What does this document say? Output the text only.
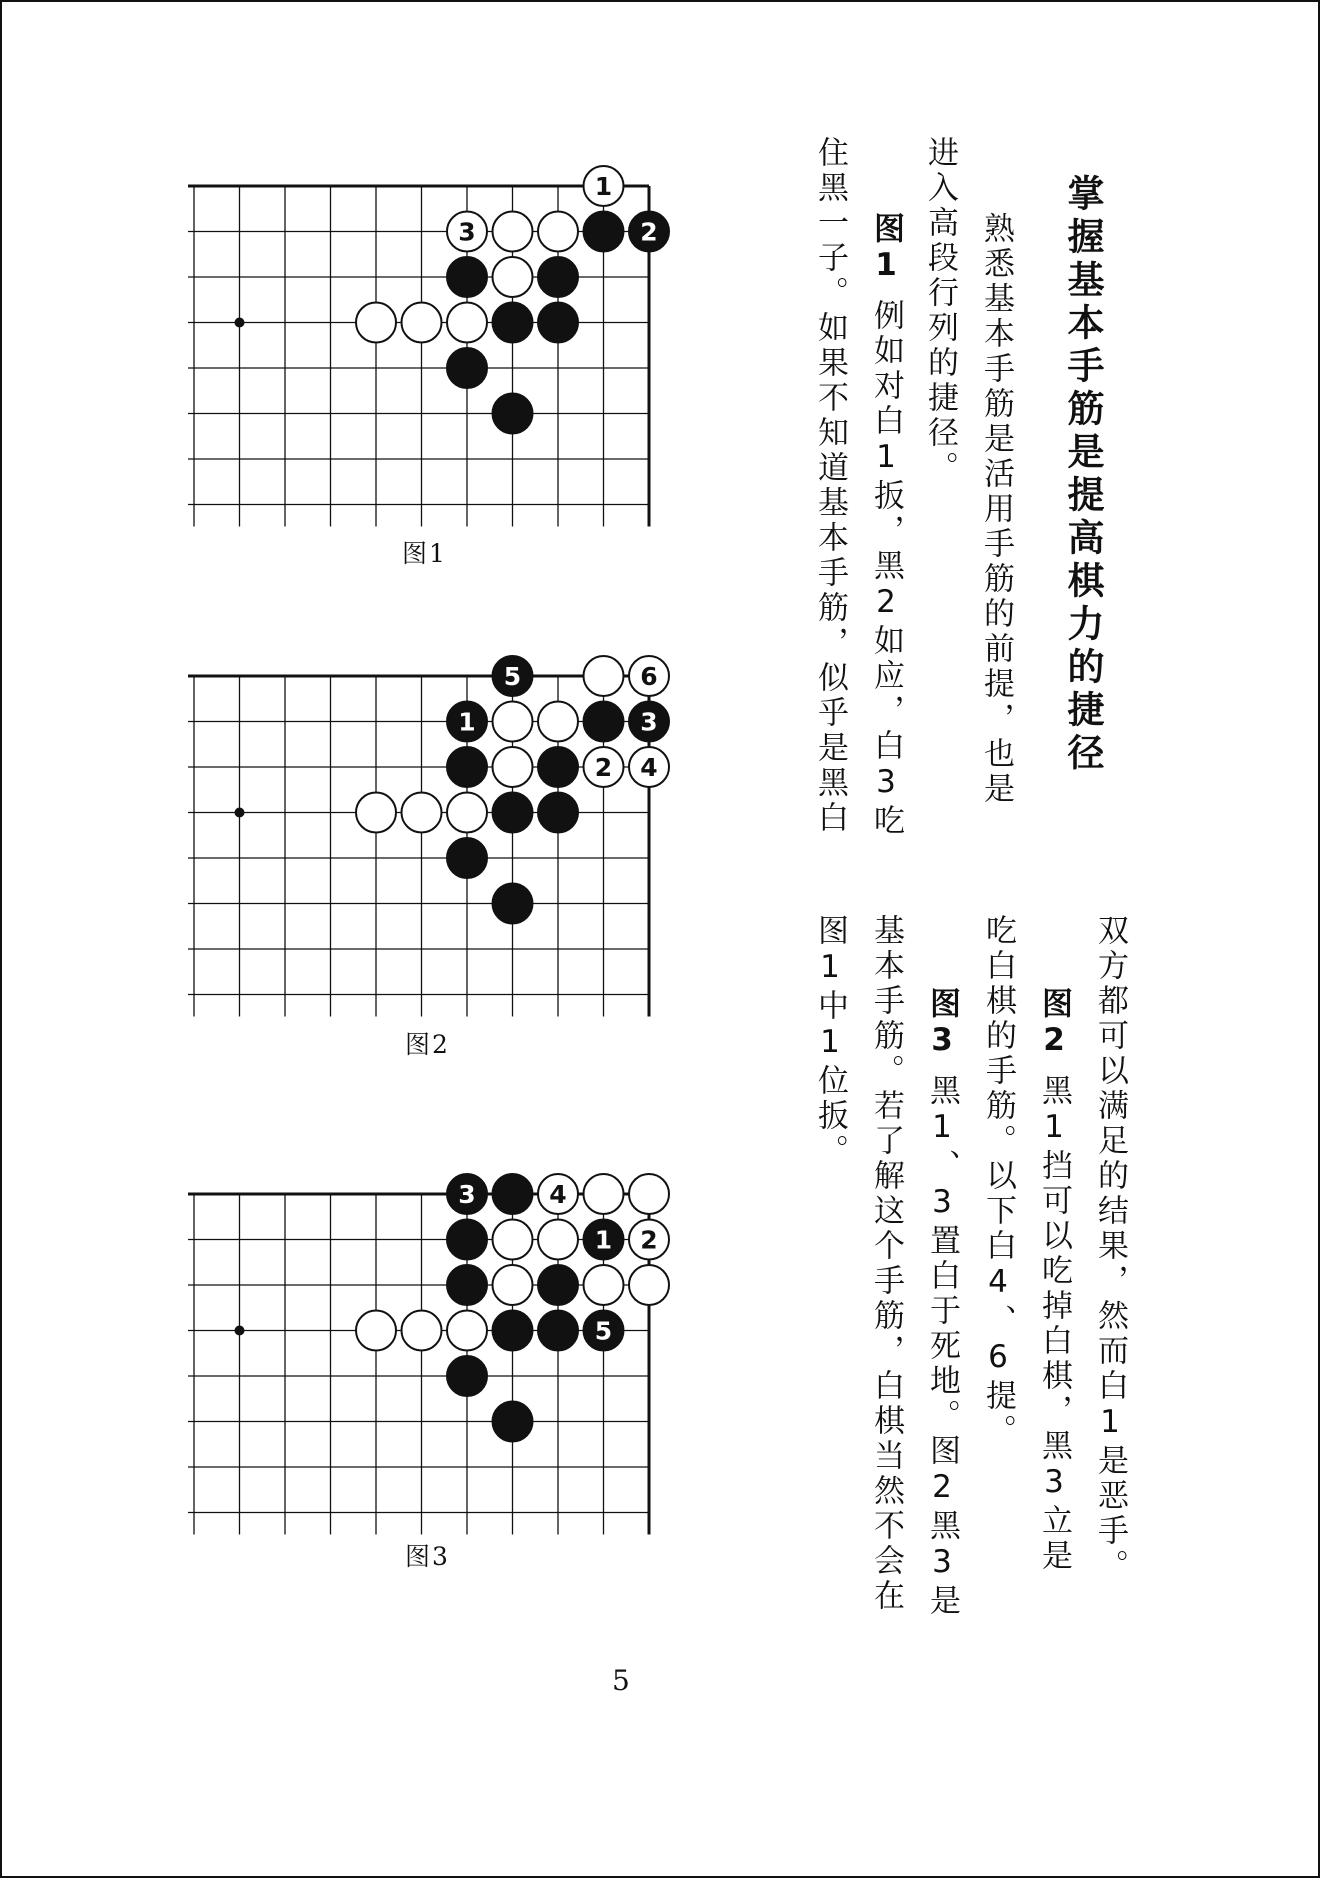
1
2
3
图1
5	6
1	3
2 4
图2
3	4
1 2
5
图3
掌握基本手筋是提高棋力的捷径
熟悉基本手筋是活用手筋的前提，也是
进入高段行列的捷径。
图1例如对白1扳，黑2如应，白3吃
住黑一子。如果不知道基本手筋，似乎是黑白
双方都可以满足的结果，然而白1是恶手。
图2黑1挡可以吃掉白棋，黑3立是
吃白棋的手筋。以下白4、6提。
图3黑1、3置白于死地。图2黑3是
基本手筋。若了解这个手筋，白棋当然不会在
图1中1位扳。
5
